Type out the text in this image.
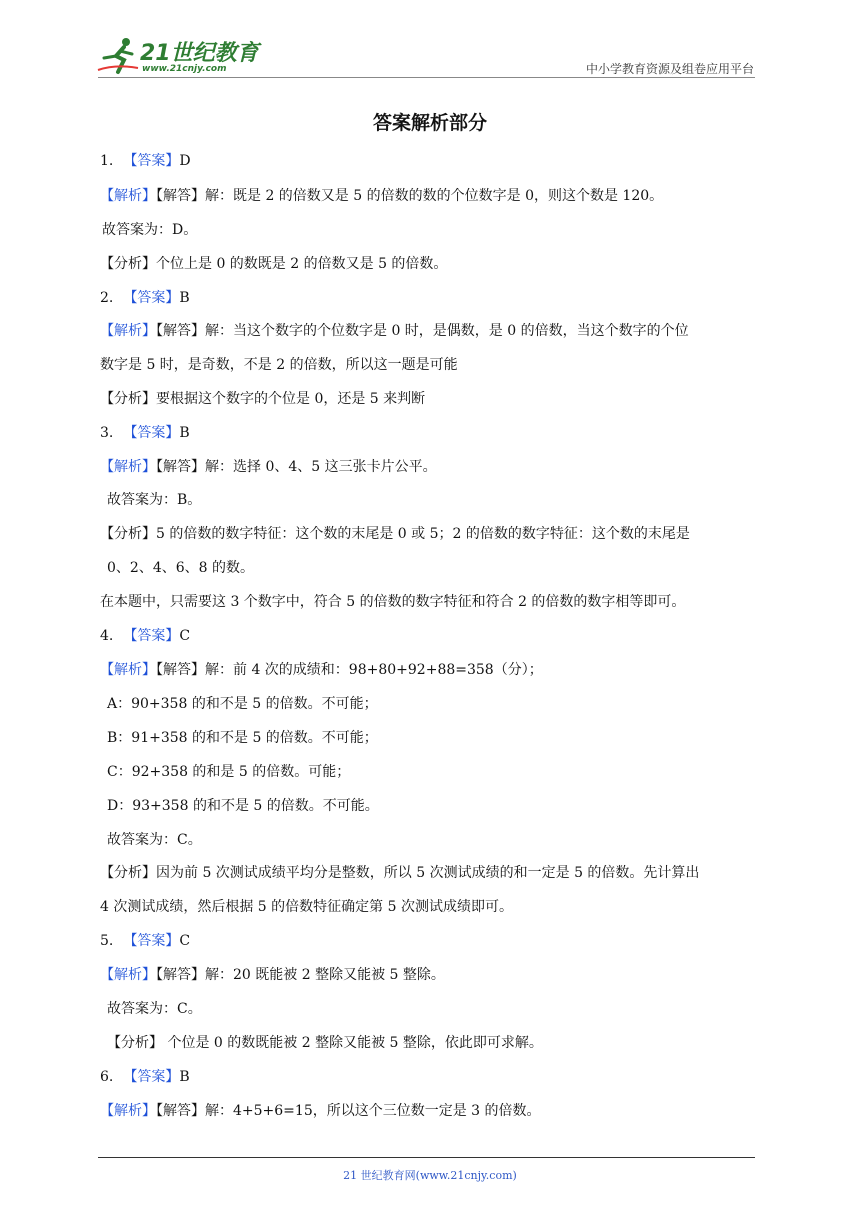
21世纪教育
www.21cnjy.com	中小学教育资源及组卷应用平台
答案解析部分
1. 【答案】D
【解析】【解答】解：既是 2 的倍数又是 5 的倍数的数的个位数字是 0，则这个数是 120。
故答案为：D。
【分析】个位上是 0 的数既是 2 的倍数又是 5 的倍数。
2. 【答案】B
【解析】【解答】解：当这个数字的个位数字是 0 时，是偶数，是 0 的倍数，当这个数字的个位
数字是 5 时，是奇数，不是 2 的倍数，所以这一题是可能
【分析】要根据这个数字的个位是 0，还是 5 来判断
3. 【答案】B
【解析】【解答】解：选择 0、4、5 这三张卡片公平。
故答案为：B。
【分析】5 的倍数的数字特征：这个数的末尾是 0 或 5；2 的倍数的数字特征：这个数的末尾是
0、2、4、6、8 的数。
在本题中，只需要这 3 个数字中，符合 5 的倍数的数字特征和符合 2 的倍数的数字相等即可。
4. 【答案】C
【解析】【解答】解：前 4 次的成绩和：98+80+92+88=358（分）；
A：90+358 的和不是 5 的倍数。不可能；
B：91+358 的和不是 5 的倍数。不可能；
C：92+358 的和是 5 的倍数。可能；
D：93+358 的和不是 5 的倍数。不可能。
故答案为：C。
【分析】因为前 5 次测试成绩平均分是整数，所以 5 次测试成绩的和一定是 5 的倍数。先计算出
4 次测试成绩，然后根据 5 的倍数特征确定第 5 次测试成绩即可。
5. 【答案】C
【解析】【解答】解：20 既能被 2 整除又能被 5 整除。
故答案为：C。
【分析】 个位是 0 的数既能被 2 整除又能被 5 整除，依此即可求解。
6. 【答案】B
【解析】【解答】解：4+5+6=15，所以这个三位数一定是 3 的倍数。
21 世纪教育网(www.21cnjy.com)
